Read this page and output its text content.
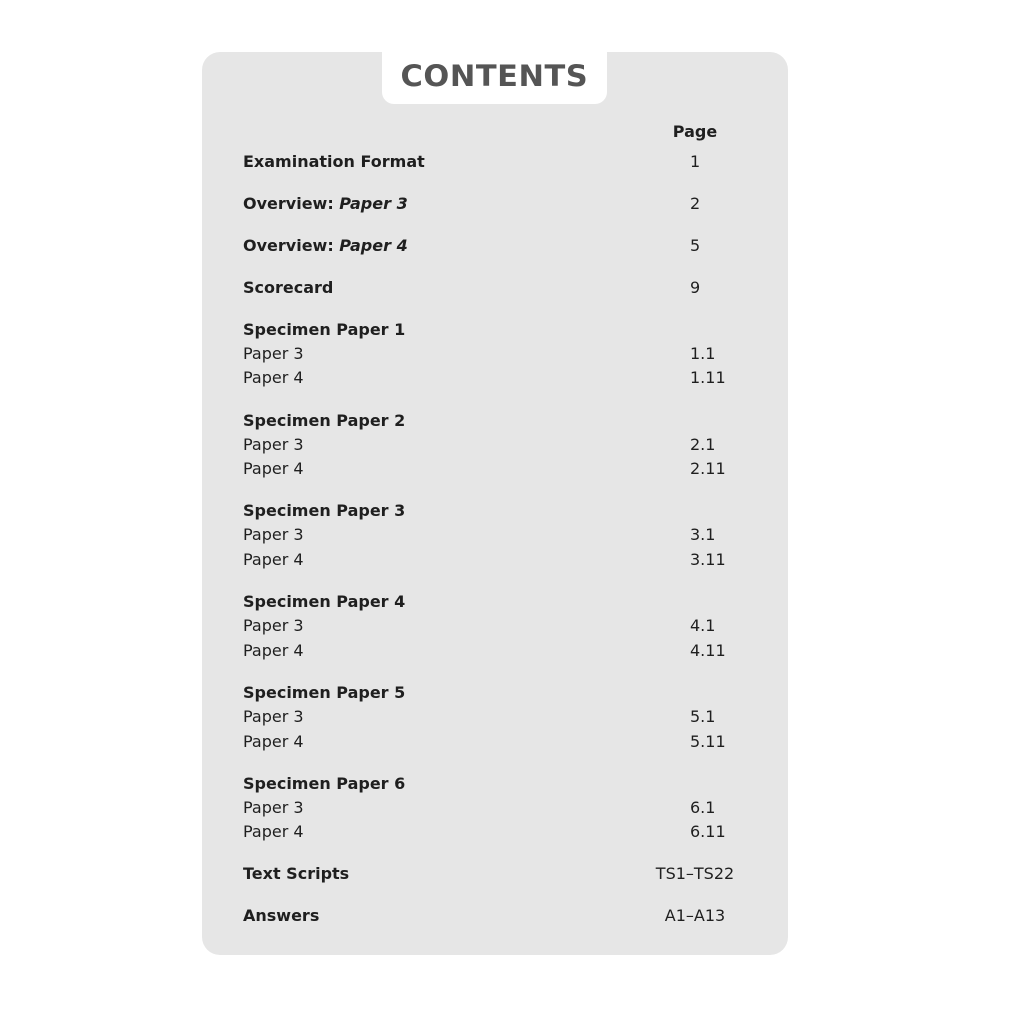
CONTENTS
Page
Examination Format	1
Overview: Paper 3	2
Overview: Paper 4	5
Scorecard	9
Specimen Paper 1
Paper 3	1.1
Paper 4	1.11
Specimen Paper 2
Paper 3	2.1
Paper 4	2.11
Specimen Paper 3
Paper 3	3.1
Paper 4	3.11
Specimen Paper 4
Paper 3	4.1
Paper 4	4.11
Specimen Paper 5
Paper 3	5.1
Paper 4	5.11
Specimen Paper 6
Paper 3	6.1
Paper 4	6.11
Text Scripts	TS1–TS22
Answers	A1–A13
